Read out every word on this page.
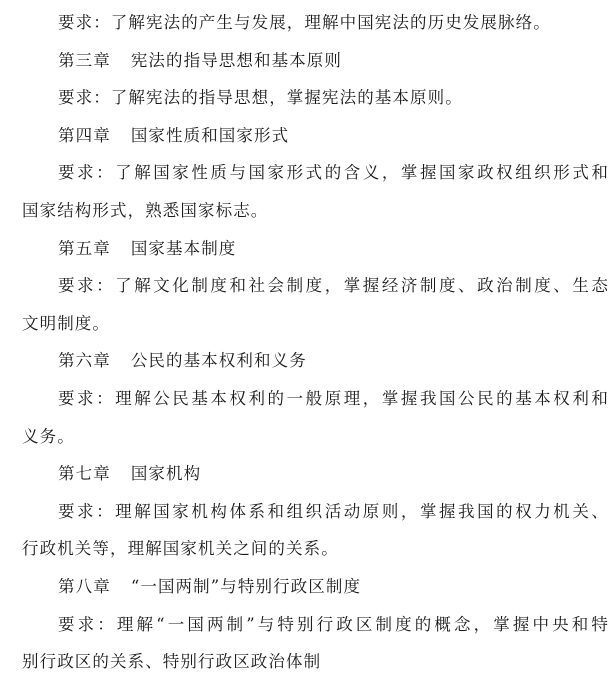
要求：了解宪法的产生与发展，理解中国宪法的历史发展脉络。
第三章 宪法的指导思想和基本原则
要求：了解宪法的指导思想，掌握宪法的基本原则。
第四章 国家性质和国家形式
要求：了解国家性质与国家形式的含义，掌握国家政权组织形式和
国家结构形式，熟悉国家标志。
第五章 国家基本制度
要求：了解文化制度和社会制度，掌握经济制度、政治制度、生态
文明制度。
第六章 公民的基本权利和义务
要求：理解公民基本权利的一般原理，掌握我国公民的基本权利和
义务。
第七章 国家机构
要求：理解国家机构体系和组织活动原则，掌握我国的权力机关、
行政机关等，理解国家机关之间的关系。
第八章 “一国两制”与特别行政区制度
要求：理解“一国两制”与特别行政区制度的概念，掌握中央和特
别行政区的关系、特别行政区政治体制
